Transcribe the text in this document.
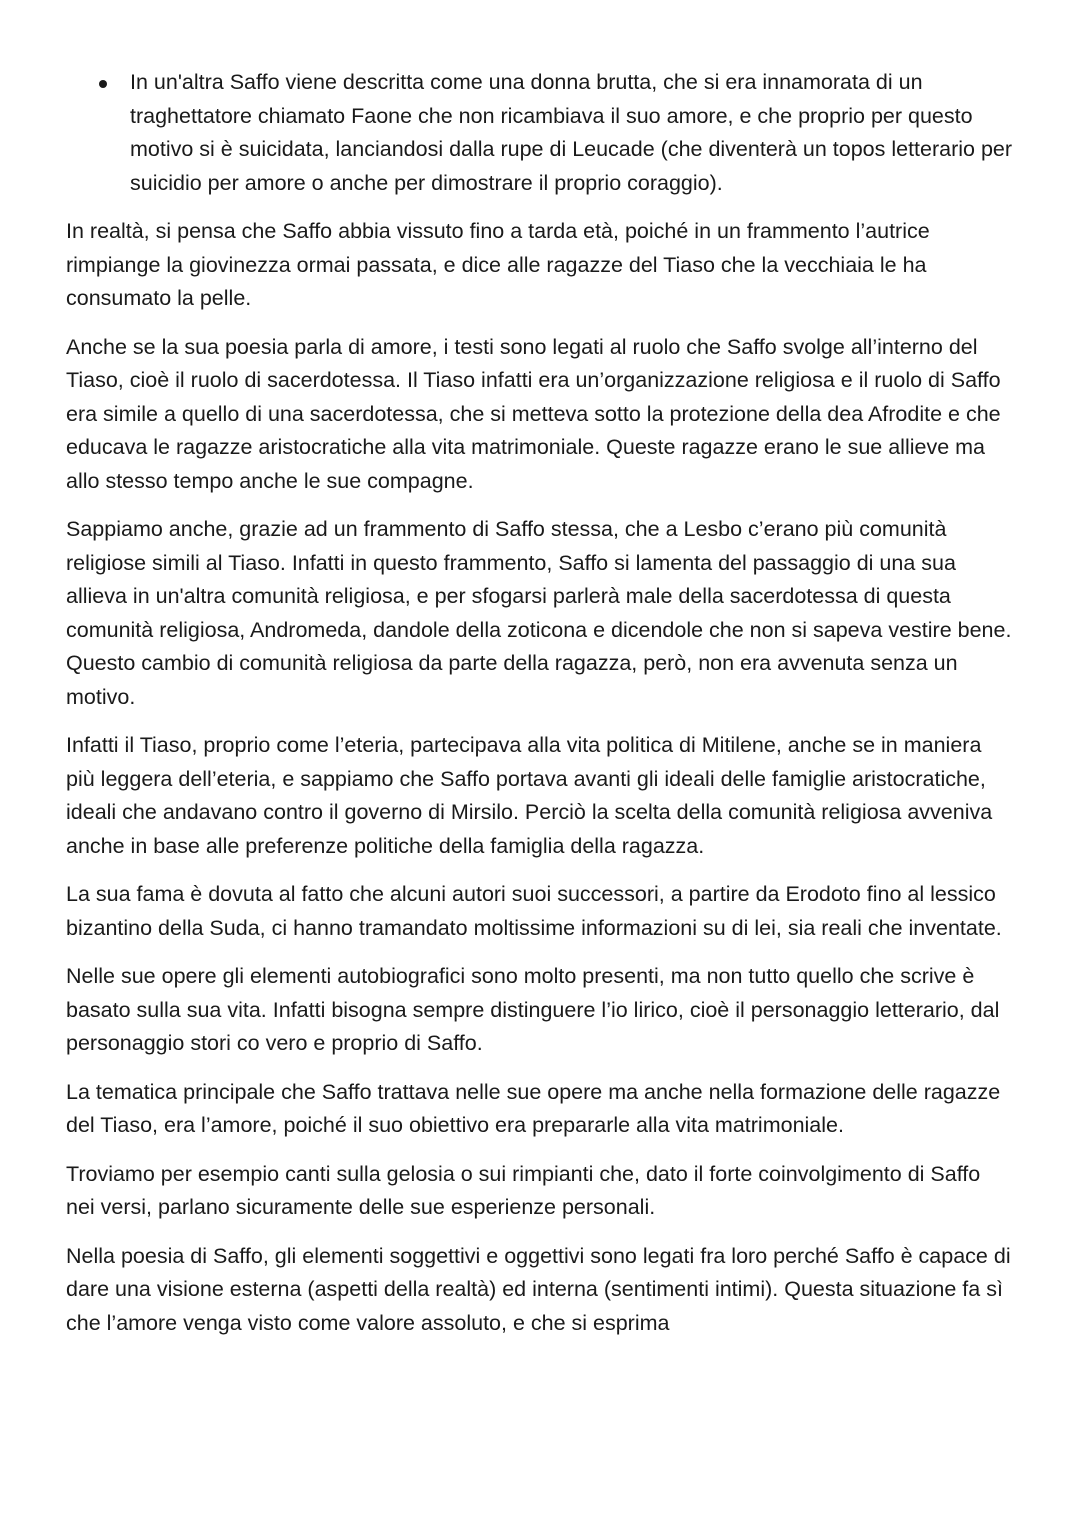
In un'altra Saffo viene descritta come una donna brutta, che si era innamorata di un traghettatore chiamato Faone che non ricambiava il suo amore, e che proprio per questo motivo si è suicidata, lanciandosi dalla rupe di Leucade (che diventerà un topos letterario per suicidio per amore o anche per dimostrare il proprio coraggio).

In realtà, si pensa che Saffo abbia vissuto fino a tarda età, poiché in un frammento l’autrice rimpiange la giovinezza ormai passata, e dice alle ragazze del Tiaso che la vecchiaia le ha consumato la pelle.

Anche se la sua poesia parla di amore, i testi sono legati al ruolo che Saffo svolge all’interno del Tiaso, cioè il ruolo di sacerdotessa. Il Tiaso infatti era un’organizzazione religiosa e il ruolo di Saffo era simile a quello di una sacerdotessa, che si metteva sotto la protezione della dea Afrodite e che educava le ragazze aristocratiche alla vita matrimoniale. Queste ragazze erano le sue allieve ma allo stesso tempo anche le sue compagne.

Sappiamo anche, grazie ad un frammento di Saffo stessa, che a Lesbo c’erano più comunità religiose simili al Tiaso. Infatti in questo frammento, Saffo si lamenta del passaggio di una sua allieva in un'altra comunità religiosa, e per sfogarsi parlerà male della sacerdotessa di questa comunità religiosa, Andromeda, dandole della zoticona e dicendole che non si sapeva vestire bene. Questo cambio di comunità religiosa da parte della ragazza, però, non era avvenuta senza un motivo.

Infatti il Tiaso, proprio come l’eteria, partecipava alla vita politica di Mitilene, anche se in maniera più leggera dell’eteria, e sappiamo che Saffo portava avanti gli ideali delle famiglie aristocratiche, ideali che andavano contro il governo di Mirsilo. Perciò la scelta della comunità religiosa avveniva anche in base alle preferenze politiche della famiglia della ragazza.

La sua fama è dovuta al fatto che alcuni autori suoi successori, a partire da Erodoto fino al lessico bizantino della Suda, ci hanno tramandato moltissime informazioni su di lei, sia reali che inventate.

Nelle sue opere gli elementi autobiografici sono molto presenti, ma non tutto quello che scrive è basato sulla sua vita. Infatti bisogna sempre distinguere l’io lirico, cioè il personaggio letterario, dal personaggio stori co vero e proprio di Saffo.

La tematica principale che Saffo trattava nelle sue opere ma anche nella formazione delle ragazze del Tiaso, era l’amore, poiché il suo obiettivo era prepararle alla vita matrimoniale.

Troviamo per esempio canti sulla gelosia o sui rimpianti che, dato il forte coinvolgimento di Saffo nei versi, parlano sicuramente delle sue esperienze personali.

Nella poesia di Saffo, gli elementi soggettivi e oggettivi sono legati fra loro perché Saffo è capace di dare una visione esterna (aspetti della realtà) ed interna (sentimenti intimi). Questa situazione fa sì che l’amore venga visto come valore assoluto, e che si esprima
